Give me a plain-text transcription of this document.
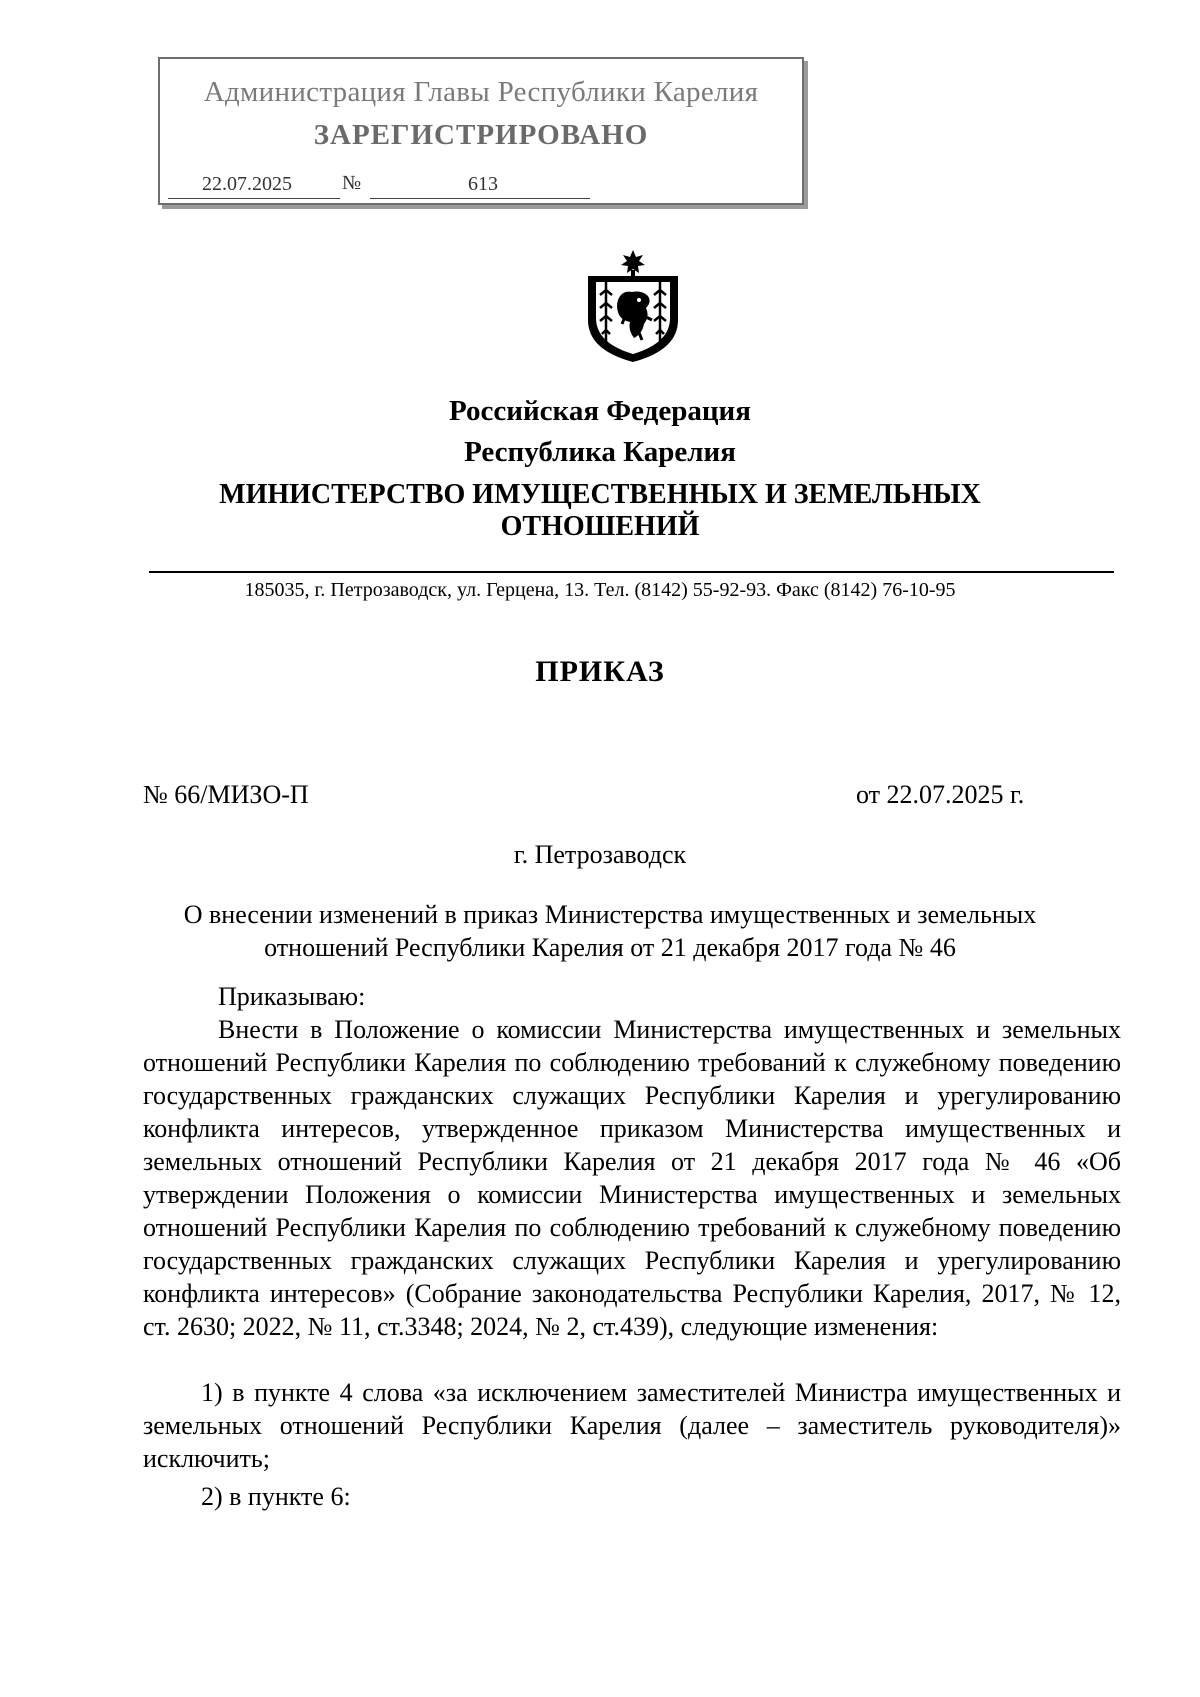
Администрация Главы Республики Карелия
ЗАРЕГИСТРИРОВАНО
22.07.2025	№	613
Российская Федерация
Республика Карелия
МИНИСТЕРСТВО ИМУЩЕСТВЕННЫХ И ЗЕМЕЛЬНЫХ
ОТНОШЕНИЙ
185035, г. Петрозаводск, ул. Герцена, 13. Тел. (8142) 55-92-93. Факс (8142) 76-10-95
ПРИКАЗ
№ 66/МИЗО-П	от 22.07.2025 г.
г. Петрозаводск
О внесении изменений в приказ Министерства имущественных и земельных отношений Республики Карелия от 21 декабря 2017 года № 46
Приказываю:
Внести в Положение о комиссии Министерства имущественных и земельных отношений Республики Карелия по соблюдению требований к служебному поведению государственных гражданских служащих Республики Карелия и урегулированию конфликта интересов, утвержденное приказом Министерства имущественных и земельных отношений Республики Карелия от 21 декабря 2017 года № 46 «Об утверждении Положения о комиссии Министерства имущественных и земельных отношений Республики Карелия по соблюдению требований к служебному поведению государственных гражданских служащих Республики Карелия и урегулированию конфликта интересов» (Собрание законодательства Республики Карелия, 2017, № 12, ст. 2630; 2022, № 11, ст.3348; 2024, № 2, ст.439), следующие изменения:
1) в пункте 4 слова «за исключением заместителей Министра имущественных и земельных отношений Республики Карелия (далее – заместитель руководителя)» исключить;
2) в пункте 6:
